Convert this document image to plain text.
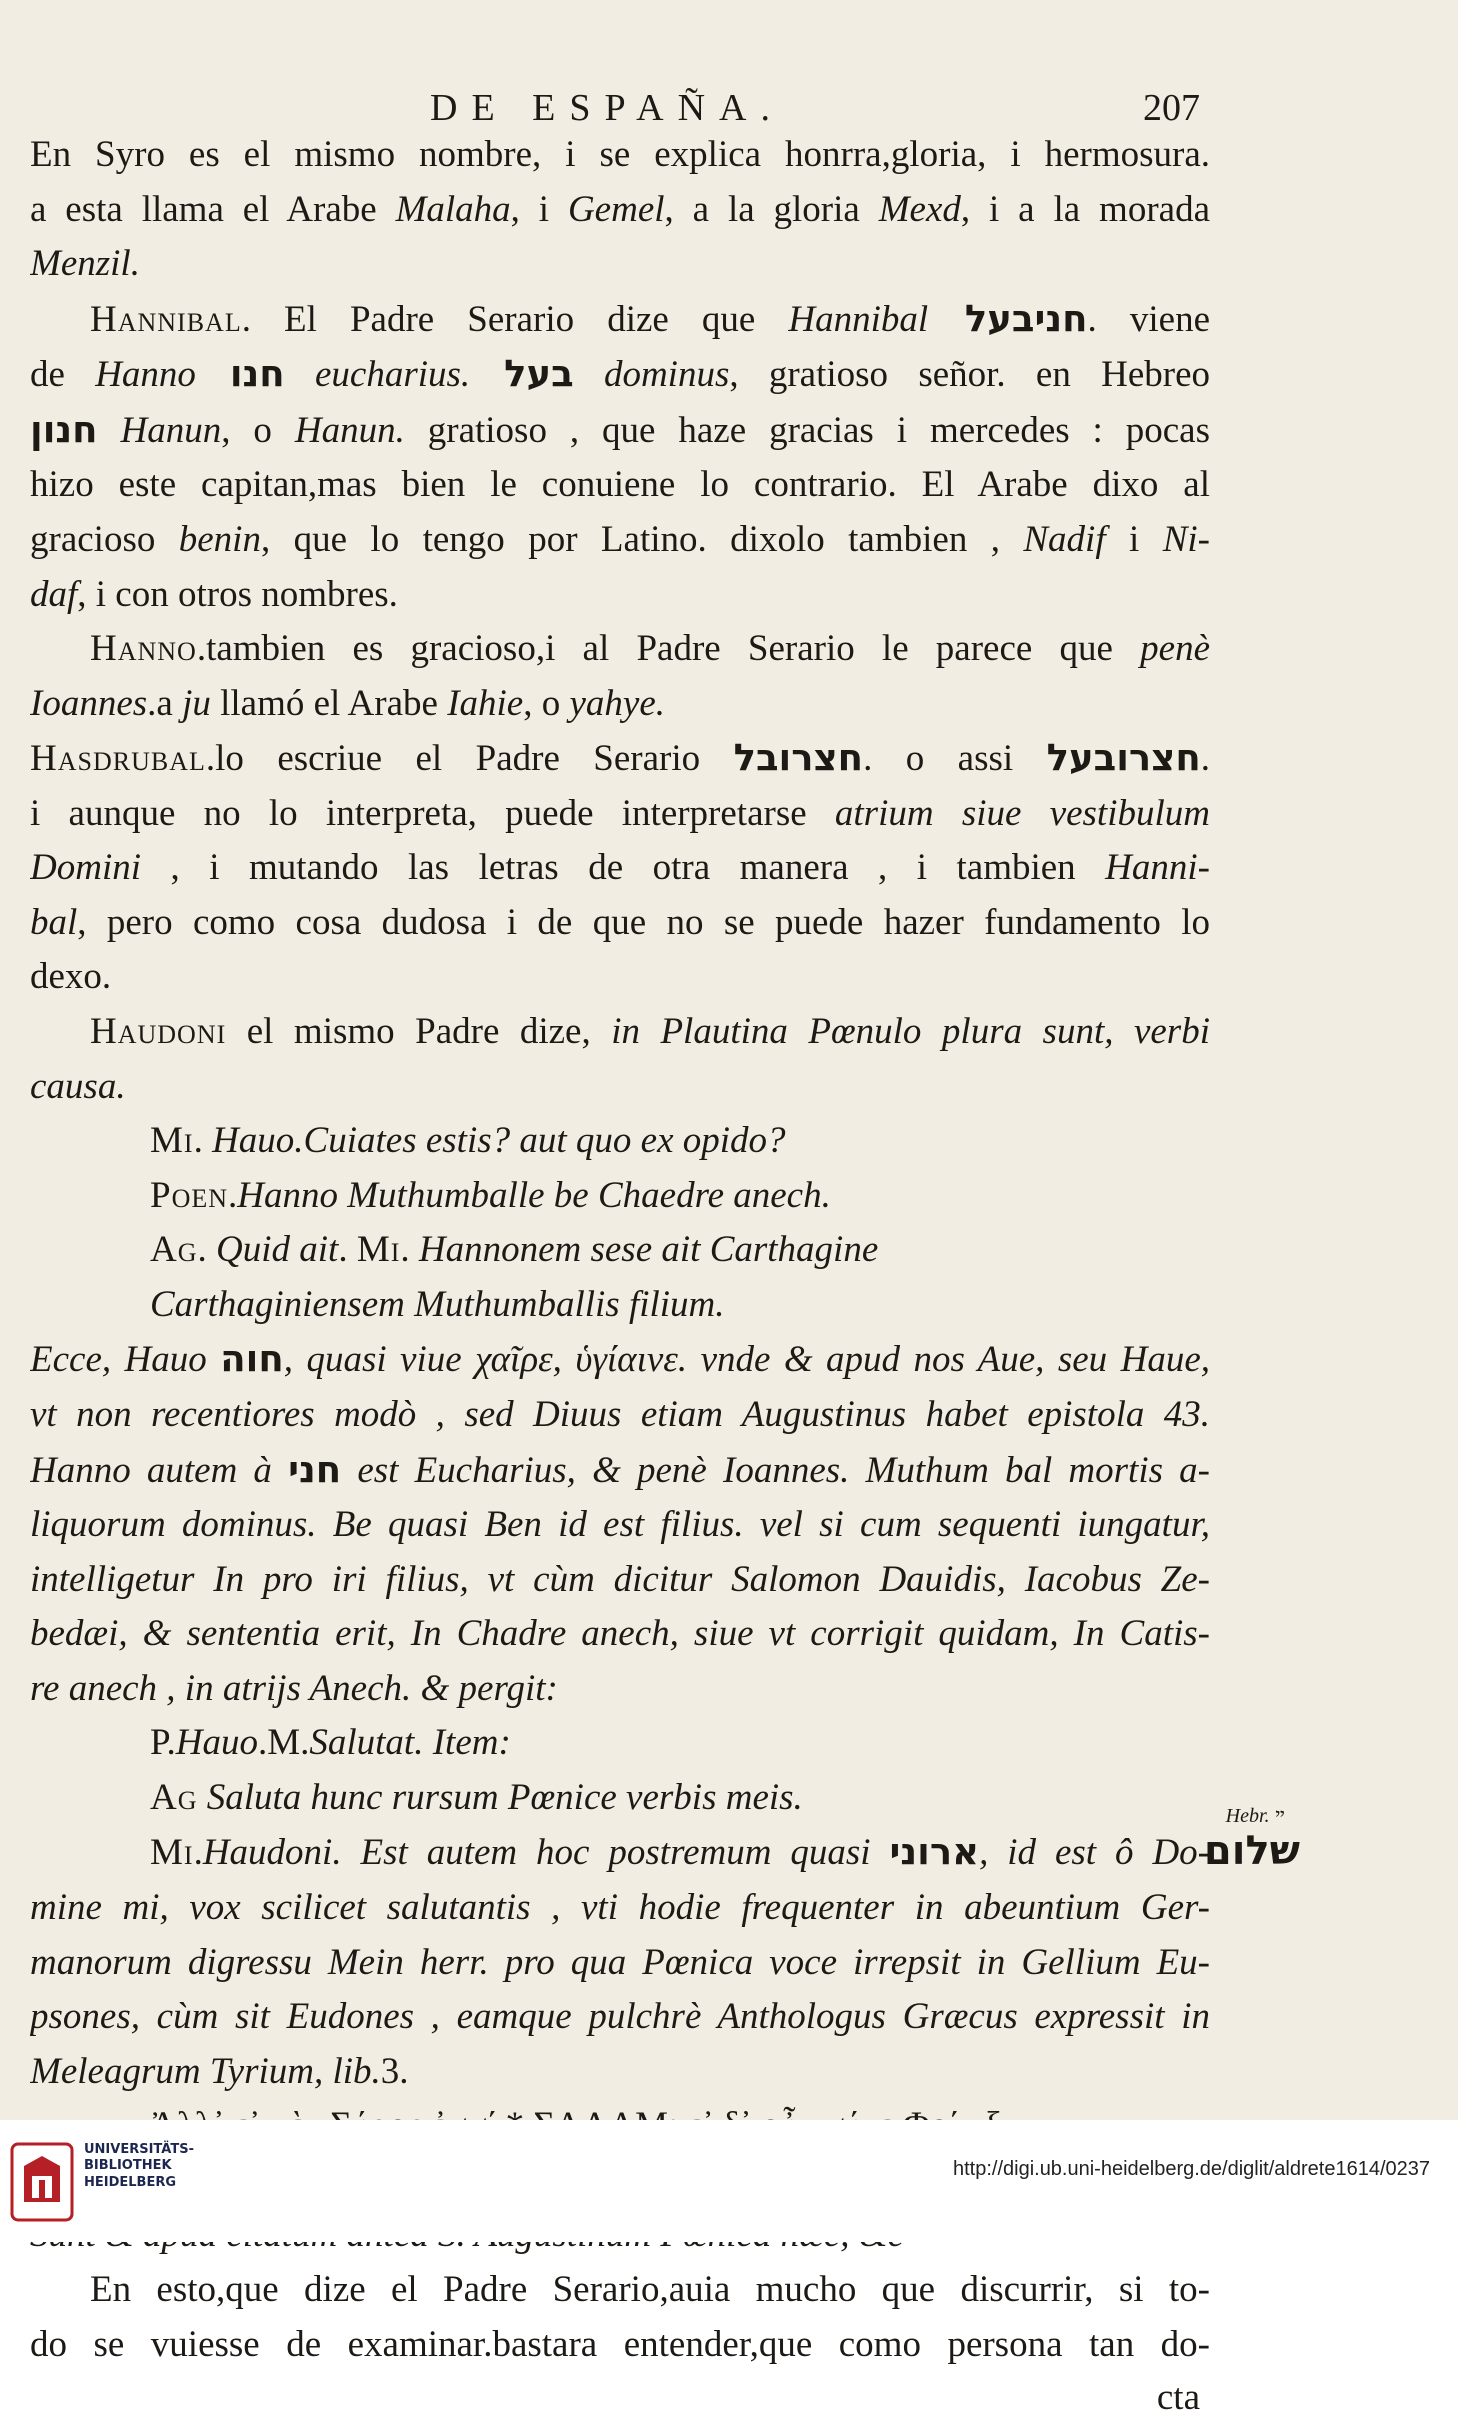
DE ESPAÑA.	207
En Syro es el mismo nombre, i se explica honrra,gloria, i hermosura.
a esta llama el Arabe Malaha, i Gemel, a la gloria Mexd, i a la morada
Menzil.
Hannibal. El Padre Serario dize que Hannibal חניבעל. viene
de Hanno חנו eucharius. בעל dominus, gratioso señor. en Hebreo
חנון Hanun, o Hanun. gratioso , que haze gracias i mercedes : pocas
hizo este capitan,mas bien le conuiene lo contrario. El Arabe dixo al
gracioso benin, que lo tengo por Latino. dixolo tambien , Nadif i Ni-
daf, i con otros nombres.
Hanno.tambien es gracioso,i al Padre Serario le parece que penè
Ioannes.a ju llamó el Arabe Iahie, o yahye.
Hasdrubal.lo escriue el Padre Serario חצרובל. o assi חצרובעל.
i aunque no lo interpreta, puede interpretarse atrium siue vestibulum
Domini , i mutando las letras de otra manera , i tambien Hanni-
bal, pero como cosa dudosa i de que no se puede hazer fundamento lo
dexo.
Haudoni el mismo Padre dize, in Plautina Pœnulo plura sunt, verbi
causa.
Mi. Hauo.Cuiates estis? aut quo ex opido?
Poen.Hanno Muthumballe be Chaedre anech.
Ag. Quid ait. Mi. Hannonem sese ait Carthagine
Carthaginiensem Muthumballis filium.
Ecce, Hauo חוה, quasi viue χαῖρε, ὑγίαινε. vnde & apud nos Aue, seu Haue,
vt non recentiores modò , sed Diuus etiam Augustinus habet epistola 43.
Hanno autem à חני est Eucharius, & penè Ioannes. Muthum bal mortis a-
liquorum dominus. Be quasi Ben id est filius. vel si cum sequenti iungatur,
intelligetur In pro iri filius, vt cùm dicitur Salomon Dauidis, Iacobus Ze-
bedæi, & sententia erit, In Chadre anech, siue vt corrigit quidam, In Catis-
re anech , in atrijs Anech. & pergit:
P.Hauo.M.Salutat. Item:
Ag Saluta hunc rursum Pœnice verbis meis.
Mi.Haudoni. Est autem hoc postremum quasi ארוני, id est ô Do-
mine mi, vox scilicet salutantis , vti hodie frequenter in abeuntium Ger-
manorum digressu Mein herr. pro qua Pœnica voce irrepsit in Gellium Eu-
psones, cùm sit Eudones , eamque pulchrè Anthologus Græcus expressit in
Meleagrum Tyrium, lib.3.
En esto,que dize el Padre Serario,auia mucho que discurrir, si to-
do se vuiesse de examinar.bastara entender,que como persona tan do-
cta
Hebr. ײ
שלום
UNIVERSITÄTS-
BIBLIOTHEK
HEIDELBERG
http://digi.ub.uni-heidelberg.de/diglit/aldrete1614/0237
